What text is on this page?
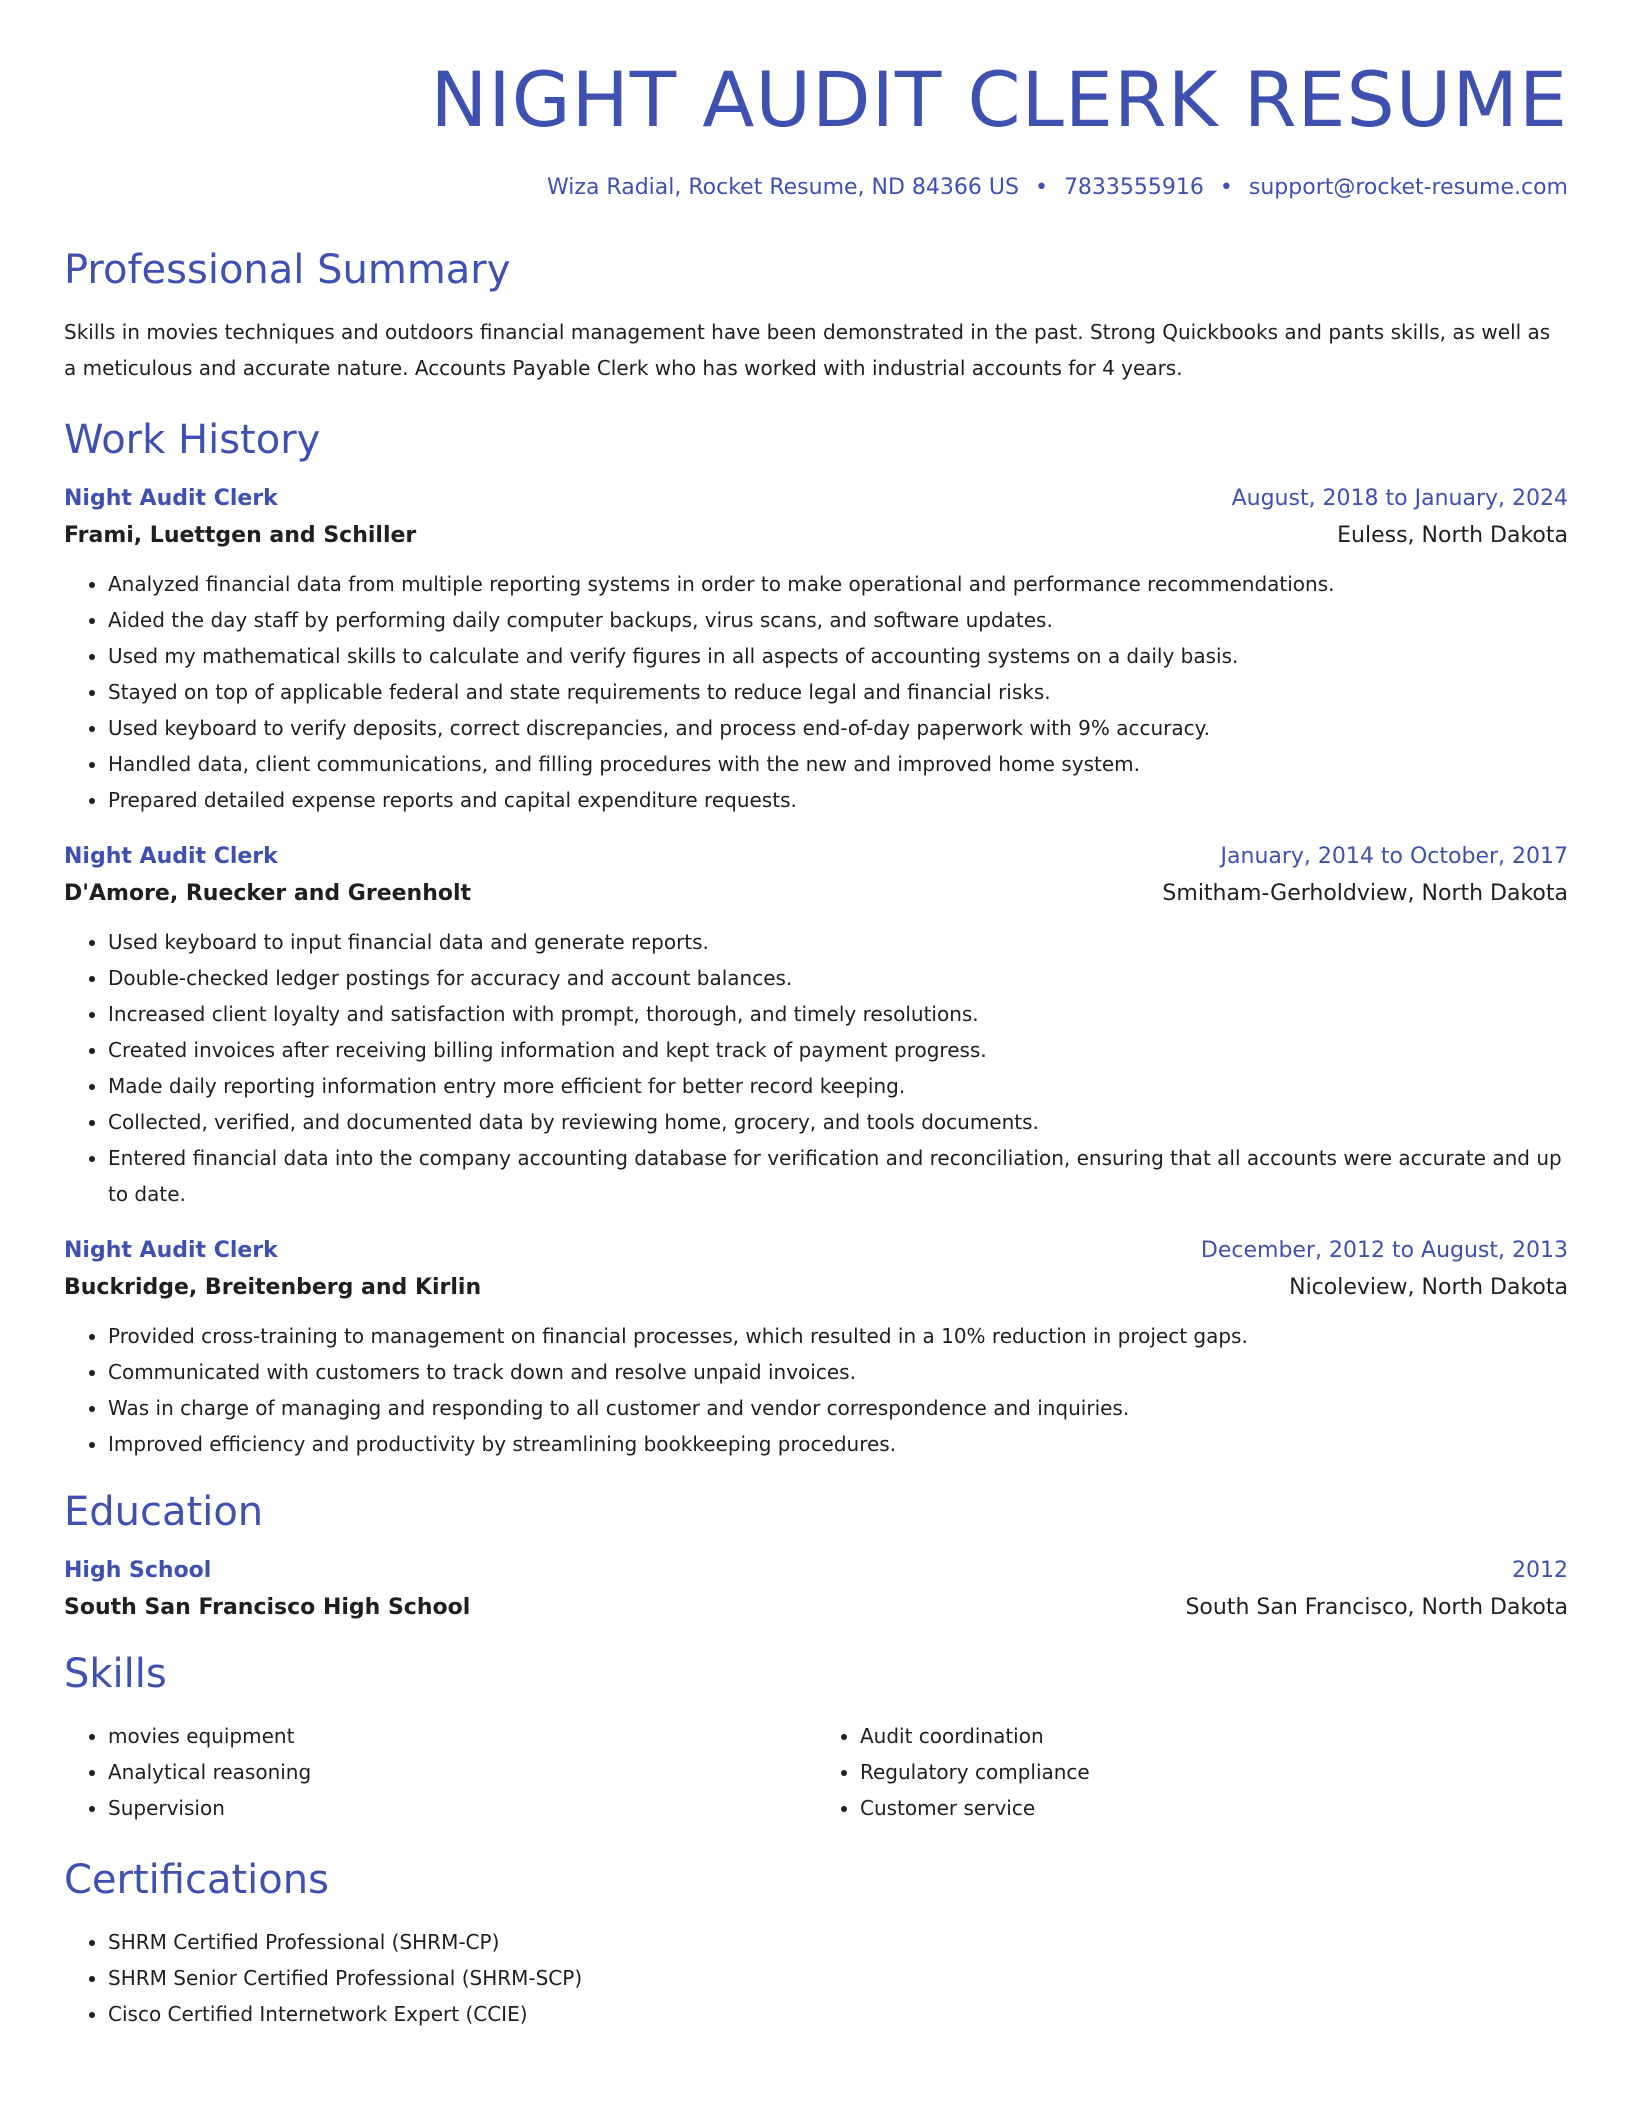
NIGHT AUDIT CLERK RESUME
Wiza Radial, Rocket Resume, ND 84366 US • 7833555916 • support@rocket-resume.com
Professional Summary

Skills in movies techniques and outdoors financial management have been demonstrated in the past. Strong Quickbooks and pants skills, as well as a meticulous and accurate nature. Accounts Payable Clerk who has worked with industrial accounts for 4 years.

Work History
Night Audit Clerk	August, 2018 to January, 2024
Frami, Luettgen and Schiller	Euless, North Dakota
• Analyzed financial data from multiple reporting systems in order to make operational and performance recommendations.
• Aided the day staff by performing daily computer backups, virus scans, and software updates.
• Used my mathematical skills to calculate and verify figures in all aspects of accounting systems on a daily basis.
• Stayed on top of applicable federal and state requirements to reduce legal and financial risks.
• Used keyboard to verify deposits, correct discrepancies, and process end-of-day paperwork with 9% accuracy.
• Handled data, client communications, and filling procedures with the new and improved home system.
• Prepared detailed expense reports and capital expenditure requests.
Night Audit Clerk	January, 2014 to October, 2017
D'Amore, Ruecker and Greenholt	Smitham-Gerholdview, North Dakota
• Used keyboard to input financial data and generate reports.
• Double-checked ledger postings for accuracy and account balances.
• Increased client loyalty and satisfaction with prompt, thorough, and timely resolutions.
• Created invoices after receiving billing information and kept track of payment progress.
• Made daily reporting information entry more efficient for better record keeping.
• Collected, verified, and documented data by reviewing home, grocery, and tools documents.
• Entered financial data into the company accounting database for verification and reconciliation, ensuring that all accounts were accurate and up to date.
Night Audit Clerk	December, 2012 to August, 2013
Buckridge, Breitenberg and Kirlin	Nicoleview, North Dakota
• Provided cross-training to management on financial processes, which resulted in a 10% reduction in project gaps.
• Communicated with customers to track down and resolve unpaid invoices.
• Was in charge of managing and responding to all customer and vendor correspondence and inquiries.
• Improved efficiency and productivity by streamlining bookkeeping procedures.
Education
High School	2012
South San Francisco High School	South San Francisco, North Dakota
Skills
• movies equipment
• Analytical reasoning
• Supervision
• Audit coordination
• Regulatory compliance
• Customer service
Certifications
• SHRM Certified Professional (SHRM-CP)
• SHRM Senior Certified Professional (SHRM-SCP)
• Cisco Certified Internetwork Expert (CCIE)
